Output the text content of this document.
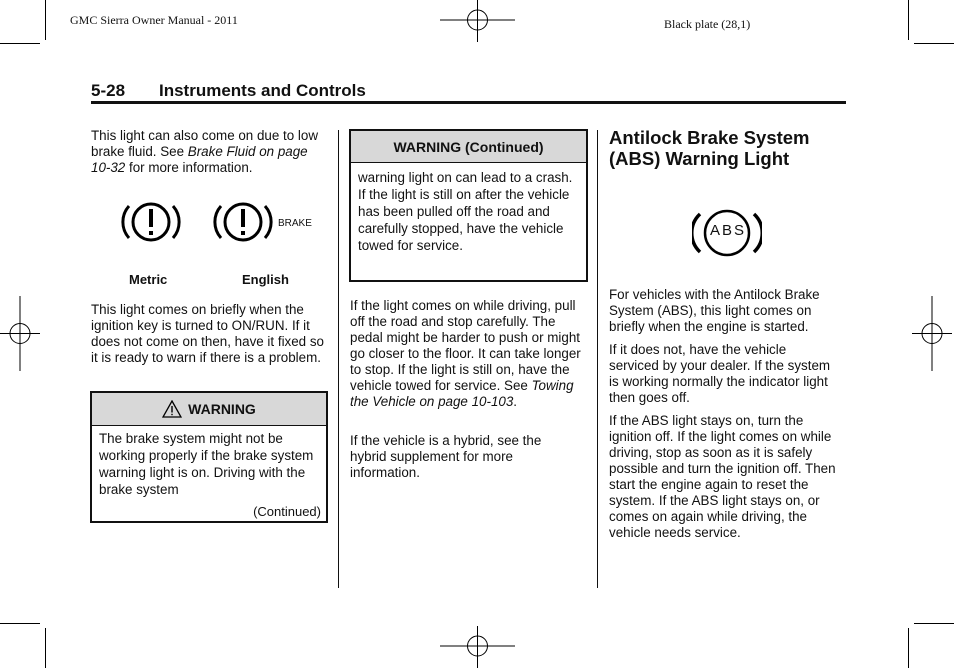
GMC Sierra Owner Manual - 2011	Black plate (28,1)
5-28 Instruments and Controls
This light can also come on due to low brake fluid. See Brake Fluid on page 10-32 for more information.
BRAKE
Metric	English
This light comes on briefly when the ignition key is turned to ON/RUN. If it does not come on then, have it fixed so it is ready to warn if there is a problem.
WARNING
The brake system might not be working properly if the brake system warning light is on. Driving with the brake system
(Continued)
WARNING (Continued)
warning light on can lead to a crash. If the light is still on after the vehicle has been pulled off the road and carefully stopped, have the vehicle towed for service.
If the light comes on while driving, pull off the road and stop carefully. The pedal might be harder to push or might go closer to the floor. It can take longer to stop. If the light is still on, have the vehicle towed for service. See Towing the Vehicle on page 10-103.
If the vehicle is a hybrid, see the hybrid supplement for more information.
Antilock Brake System (ABS) Warning Light
ABS
For vehicles with the Antilock Brake System (ABS), this light comes on briefly when the engine is started.
If it does not, have the vehicle serviced by your dealer. If the system is working normally the indicator light then goes off.
If the ABS light stays on, turn the ignition off. If the light comes on while driving, stop as soon as it is safely possible and turn the ignition off. Then start the engine again to reset the system. If the ABS light stays on, or comes on again while driving, the vehicle needs service.
